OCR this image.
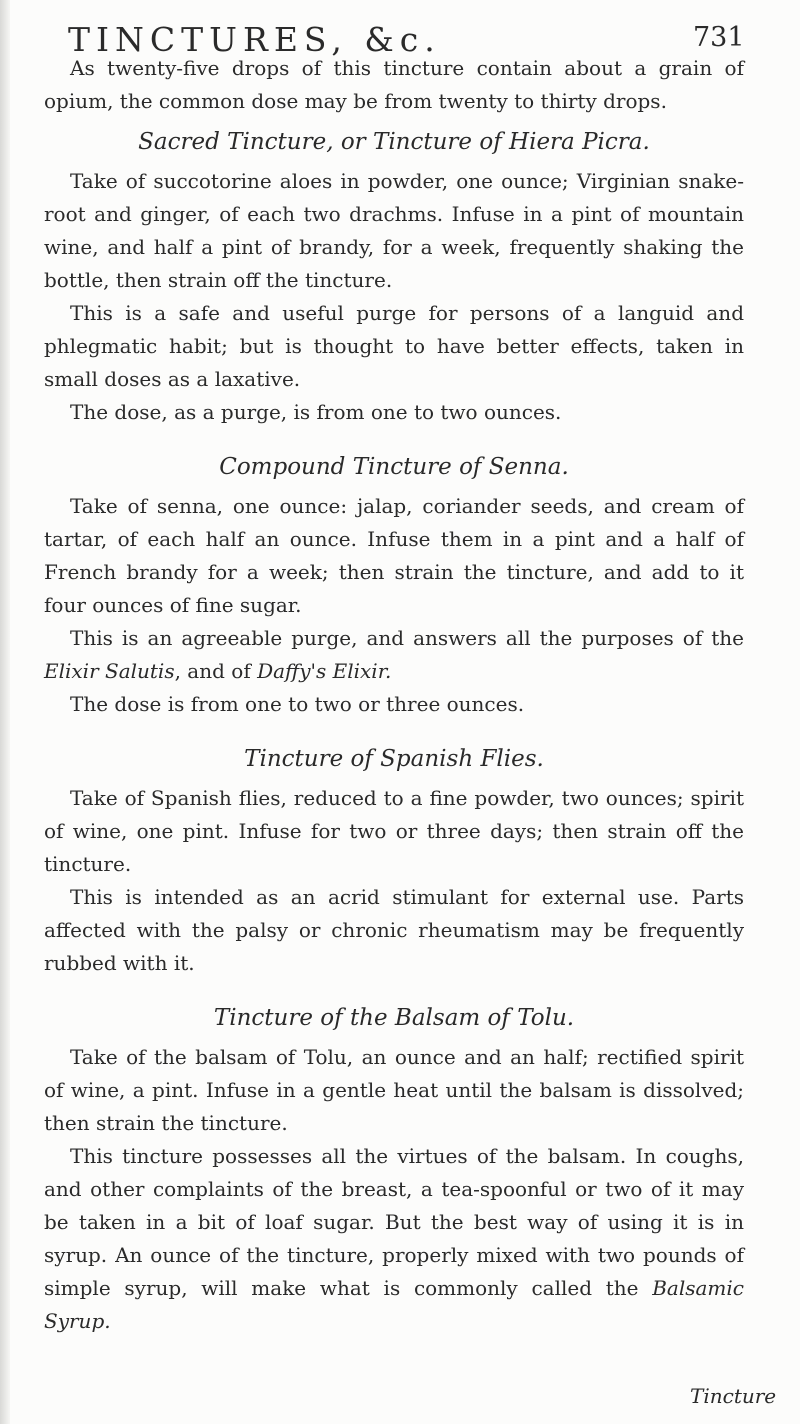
TINCTURES, &c.	731

As twenty-five drops of this tincture contain about a grain of opium, the common dose may be from twenty to thirty drops.

Sacred Tincture, or Tincture of Hiera Picra.

Take of succotorine aloes in powder, one ounce; Virginian snake-root and ginger, of each two drachms. Infuse in a pint of mountain wine, and half a pint of brandy, for a week, frequently shaking the bottle, then strain off the tincture.

This is a safe and useful purge for persons of a languid and phlegmatic habit; but is thought to have better effects, taken in small doses as a laxative.

The dose, as a purge, is from one to two ounces.

Compound Tincture of Senna.

Take of senna, one ounce: jalap, coriander seeds, and cream of tartar, of each half an ounce. Infuse them in a pint and a half of French brandy for a week; then strain the tincture, and add to it four ounces of fine sugar.

This is an agreeable purge, and answers all the purposes of the Elixir Salutis, and of Daffy's Elixir.

The dose is from one to two or three ounces.

Tincture of Spanish Flies.

Take of Spanish flies, reduced to a fine powder, two ounces; spirit of wine, one pint. Infuse for two or three days; then strain off the tincture.

This is intended as an acrid stimulant for external use. Parts affected with the palsy or chronic rheumatism may be frequently rubbed with it.

Tincture of the Balsam of Tolu.

Take of the balsam of Tolu, an ounce and an half; rectified spirit of wine, a pint. Infuse in a gentle heat until the balsam is dissolved; then strain the tincture.

This tincture possesses all the virtues of the balsam. In coughs, and other complaints of the breast, a tea-spoonful or two of it may be taken in a bit of loaf sugar. But the best way of using it is in syrup. An ounce of the tincture, properly mixed with two pounds of simple syrup, will make what is commonly called the Balsamic Syrup.

Tincture
